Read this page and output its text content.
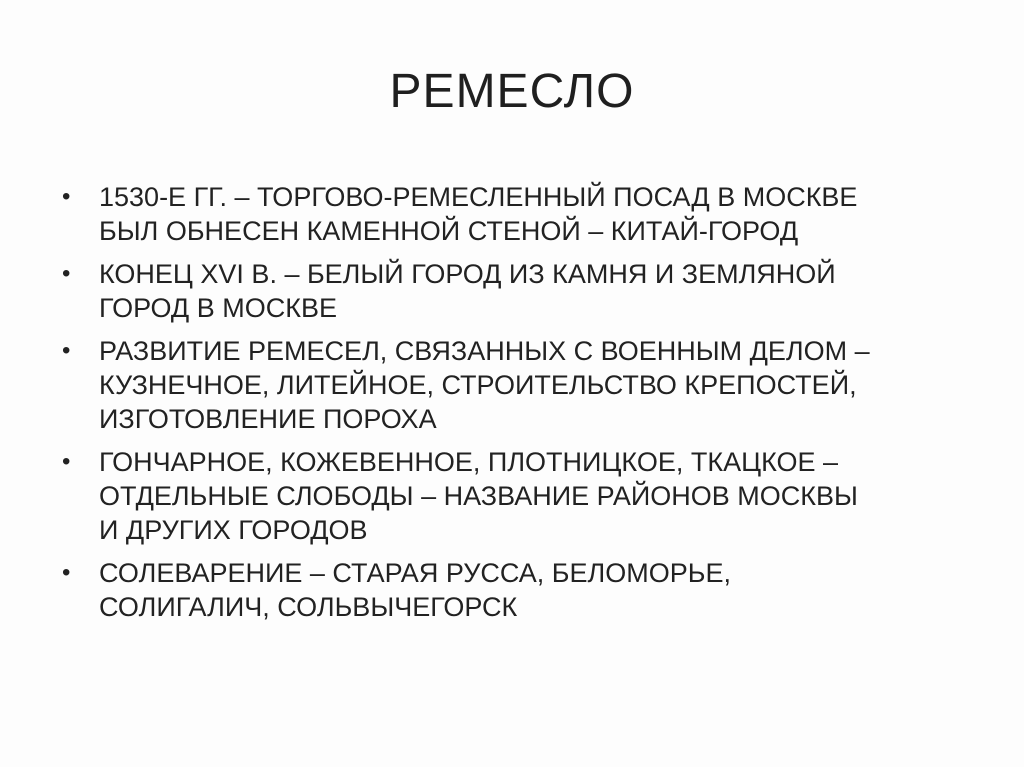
РЕМЕСЛО
•	1530-Е ГГ. – ТОРГОВО-РЕМЕСЛЕННЫЙ ПОСАД В МОСКВЕ
БЫЛ ОБНЕСЕН КАМЕННОЙ СТЕНОЙ – КИТАЙ-ГОРОД
•	КОНЕЦ XVI В. – БЕЛЫЙ ГОРОД ИЗ КАМНЯ И ЗЕМЛЯНОЙ
ГОРОД В МОСКВЕ
•	РАЗВИТИЕ РЕМЕСЕЛ, СВЯЗАННЫХ С ВОЕННЫМ ДЕЛОМ –
КУЗНЕЧНОЕ, ЛИТЕЙНОЕ, СТРОИТЕЛЬСТВО КРЕПОСТЕЙ,
ИЗГОТОВЛЕНИЕ ПОРОХА
•	ГОНЧАРНОЕ, КОЖЕВЕННОЕ, ПЛОТНИЦКОЕ, ТКАЦКОЕ –
ОТДЕЛЬНЫЕ СЛОБОДЫ – НАЗВАНИЕ РАЙОНОВ МОСКВЫ
И ДРУГИХ ГОРОДОВ
•	СОЛЕВАРЕНИЕ – СТАРАЯ РУССА, БЕЛОМОРЬЕ,
СОЛИГАЛИЧ, СОЛЬВЫЧЕГОРСК
